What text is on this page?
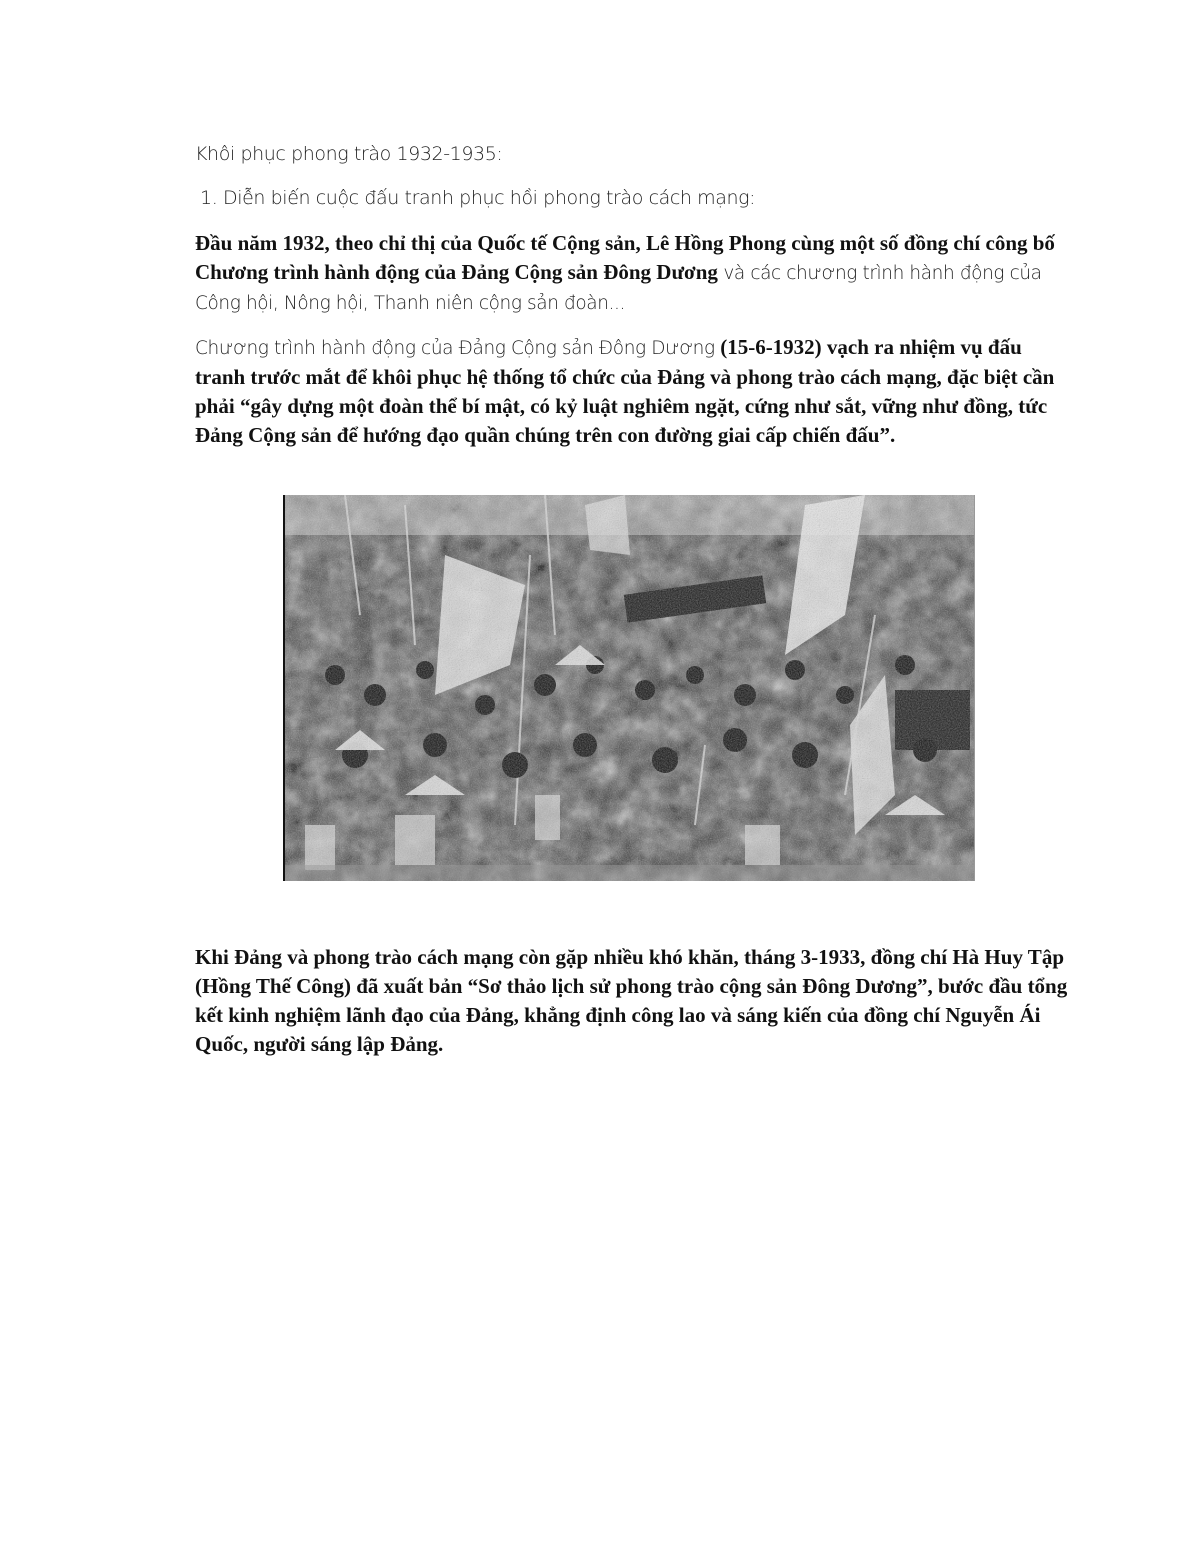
Khôi phục phong trào 1932-1935:
1. Diễn biến cuộc đấu tranh phục hồi phong trào cách mạng:

Đầu năm 1932, theo chỉ thị của Quốc tế Cộng sản, Lê Hồng Phong cùng một số đồng chí công bố Chương trình hành động của Đảng Cộng sản Đông Dương và các chương trình hành động của Công hội, Nông hội, Thanh niên cộng sản đoàn...

Chương trình hành động của Đảng Cộng sản Đông Dương (15-6-1932) vạch ra nhiệm vụ đấu tranh trước mắt để khôi phục hệ thống tổ chức của Đảng và phong trào cách mạng, đặc biệt cần phải “gây dựng một đoàn thể bí mật, có kỷ luật nghiêm ngặt, cứng như sắt, vững như đồng, tức Đảng Cộng sản để hướng đạo quần chúng trên con đường giai cấp chiến đấu”.

Khi Đảng và phong trào cách mạng còn gặp nhiều khó khăn, tháng 3-1933, đồng chí Hà Huy Tập (Hồng Thế Công) đã xuất bản “Sơ thảo lịch sử phong trào cộng sản Đông Dương”, bước đầu tổng kết kinh nghiệm lãnh đạo của Đảng, khẳng định công lao và sáng kiến của đồng chí Nguyễn Ái Quốc, người sáng lập Đảng.
